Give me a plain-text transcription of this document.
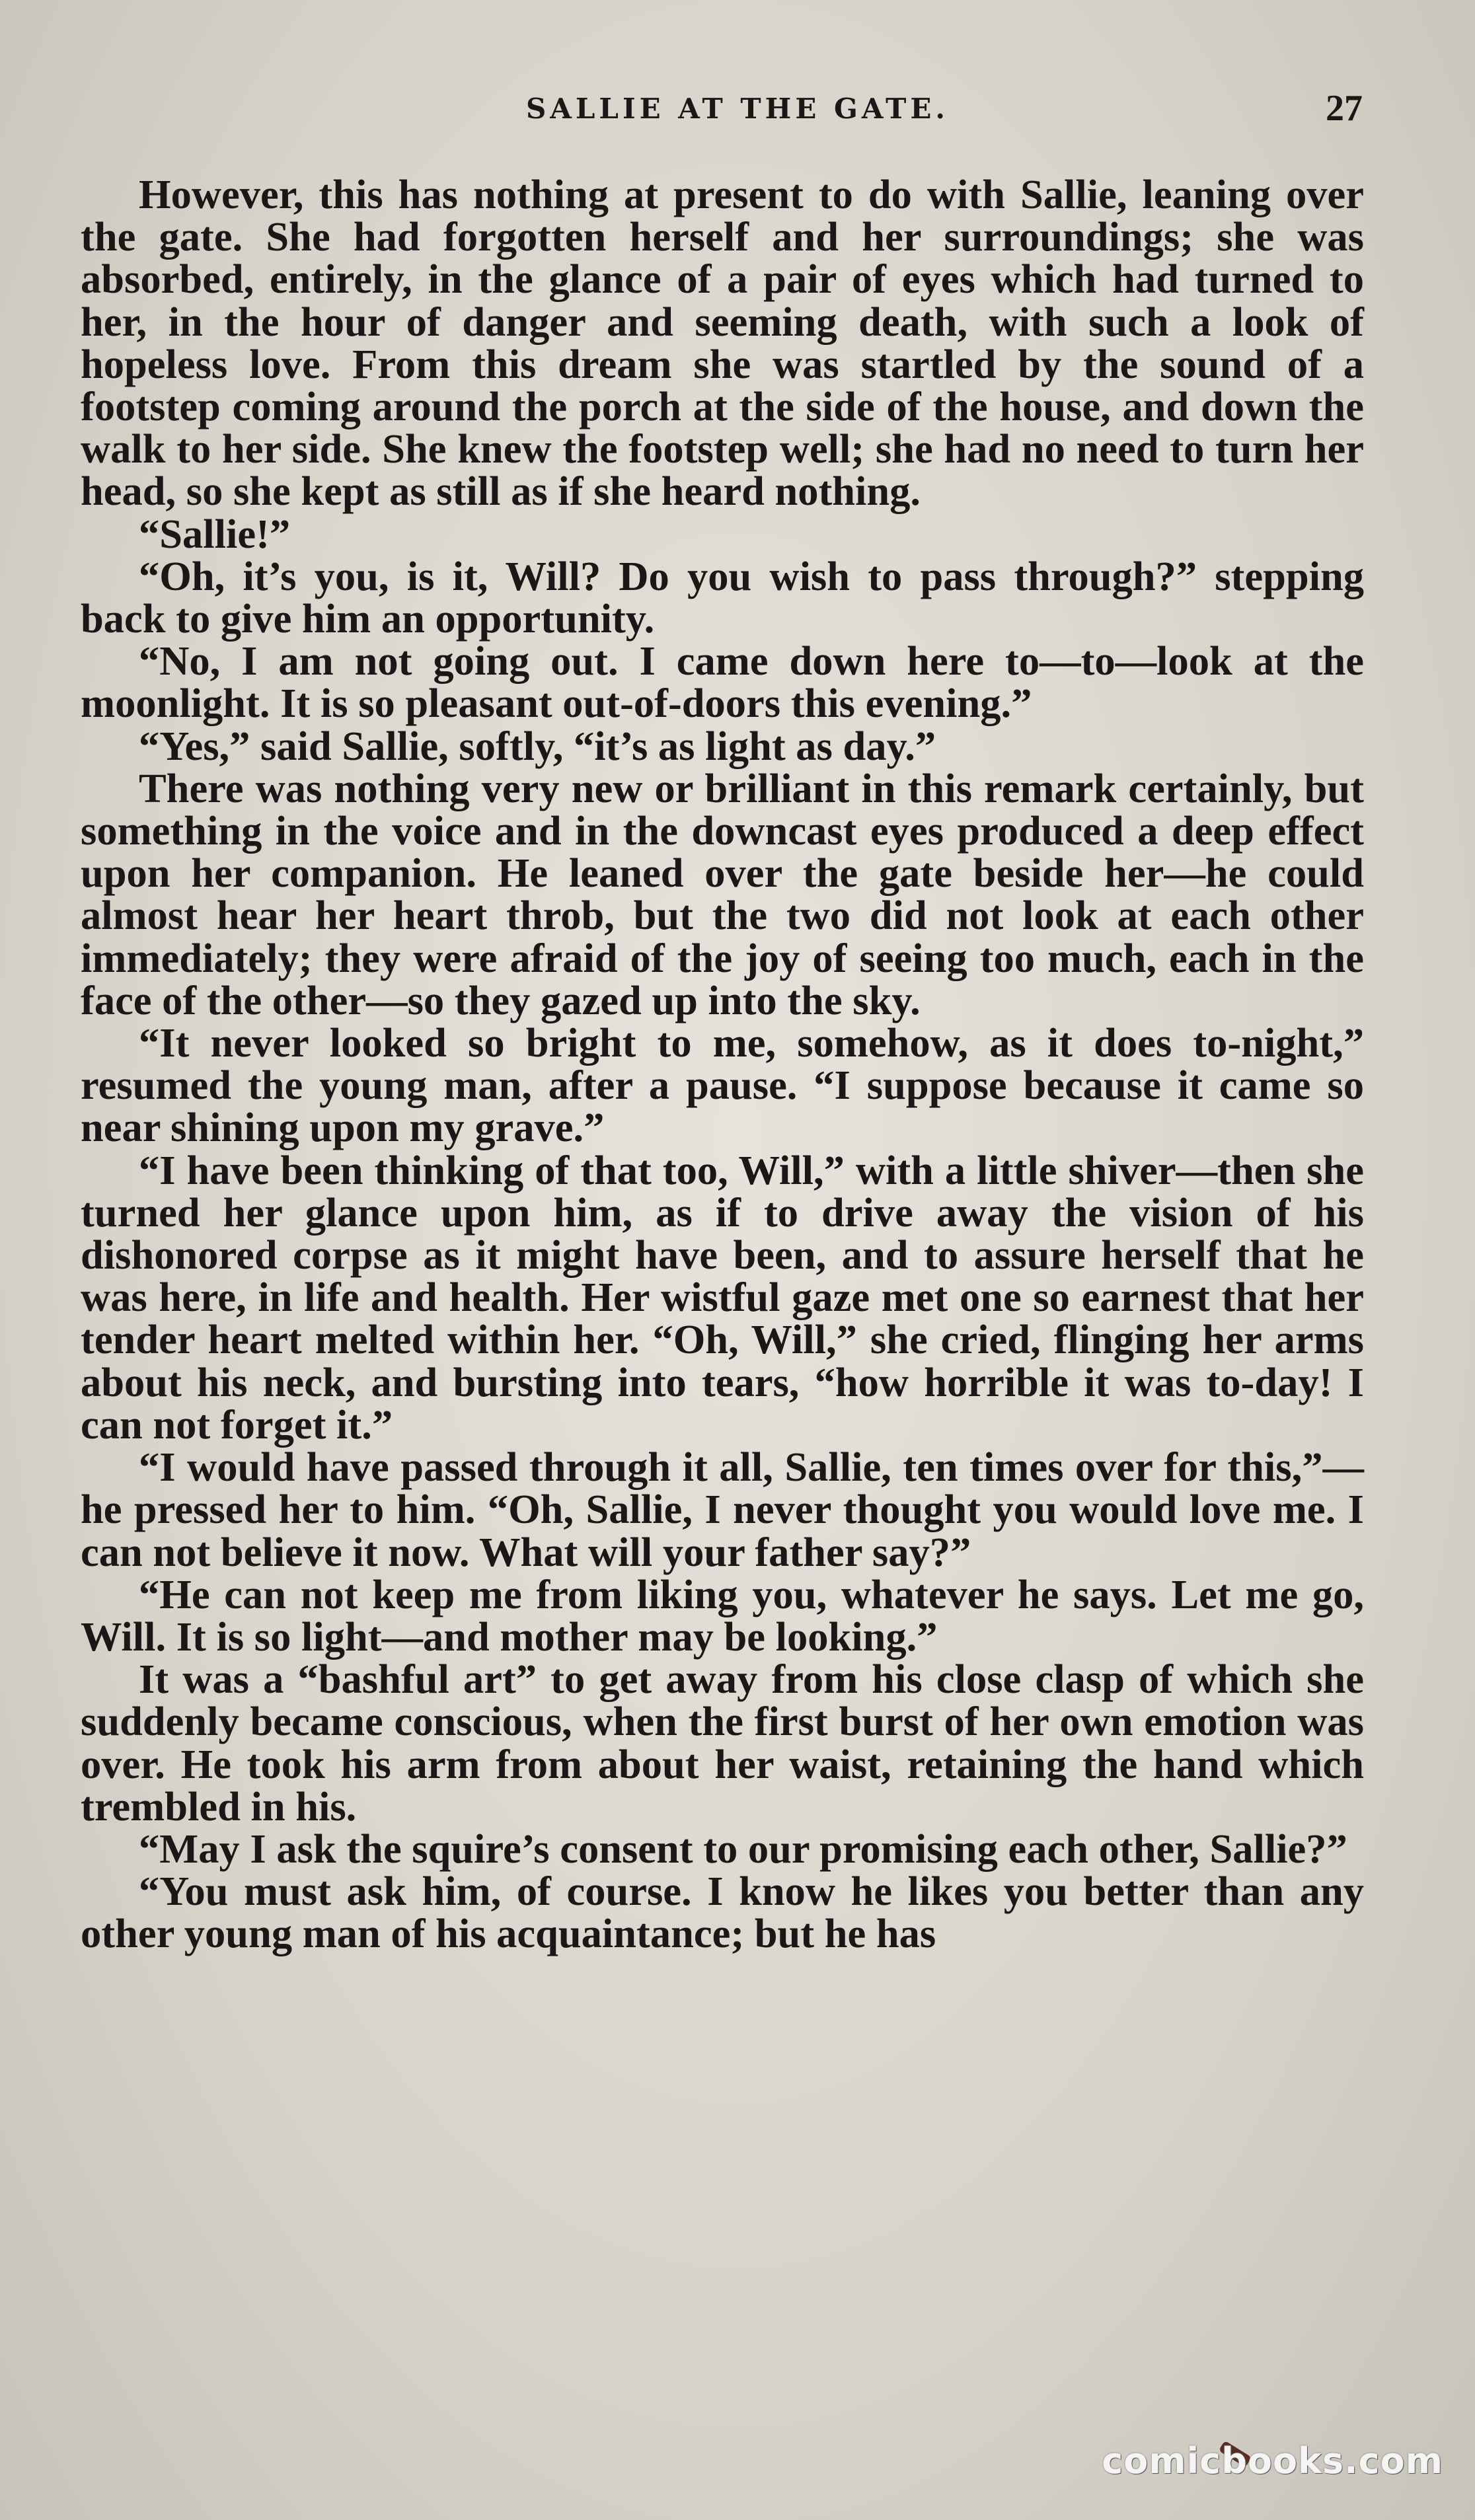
SALLIE AT THE GATE.	27

However, this has nothing at present to do with Sallie, leaning over the gate. She had forgotten herself and her surroundings; she was absorbed, entirely, in the glance of a pair of eyes which had turned to her, in the hour of danger and seeming death, with such a look of hopeless love. From this dream she was startled by the sound of a footstep coming around the porch at the side of the house, and down the walk to her side. She knew the footstep well; she had no need to turn her head, so she kept as still as if she heard nothing.

“Sallie!”

“Oh, it’s you, is it, Will? Do you wish to pass through?” stepping back to give him an opportunity.

“No, I am not going out. I came down here to—to—look at the moonlight. It is so pleasant out-of-doors this evening.”

“Yes,” said Sallie, softly, “it’s as light as day.”

There was nothing very new or brilliant in this remark certainly, but something in the voice and in the downcast eyes produced a deep effect upon her companion. He leaned over the gate beside her—he could almost hear her heart throb, but the two did not look at each other immediately; they were afraid of the joy of seeing too much, each in the face of the other—so they gazed up into the sky.

“It never looked so bright to me, somehow, as it does to-night,” resumed the young man, after a pause. “I suppose because it came so near shining upon my grave.”

“I have been thinking of that too, Will,” with a little shiver—then she turned her glance upon him, as if to drive away the vision of his dishonored corpse as it might have been, and to assure herself that he was here, in life and health. Her wistful gaze met one so earnest that her tender heart melted within her. “Oh, Will,” she cried, flinging her arms about his neck, and bursting into tears, “how horrible it was to-day! I can not forget it.”

“I would have passed through it all, Sallie, ten times over for this,”—he pressed her to him. “Oh, Sallie, I never thought you would love me. I can not believe it now. What will your father say?”

“He can not keep me from liking you, whatever he says. Let me go, Will. It is so light—and mother may be looking.”

It was a “bashful art” to get away from his close clasp of which she suddenly became conscious, when the first burst of her own emotion was over. He took his arm from about her waist, retaining the hand which trembled in his.

“May I ask the squire’s consent to our promising each other, Sallie?”

“You must ask him, of course. I know he likes you better than any other young man of his acquaintance; but he has

comicbooks.com
